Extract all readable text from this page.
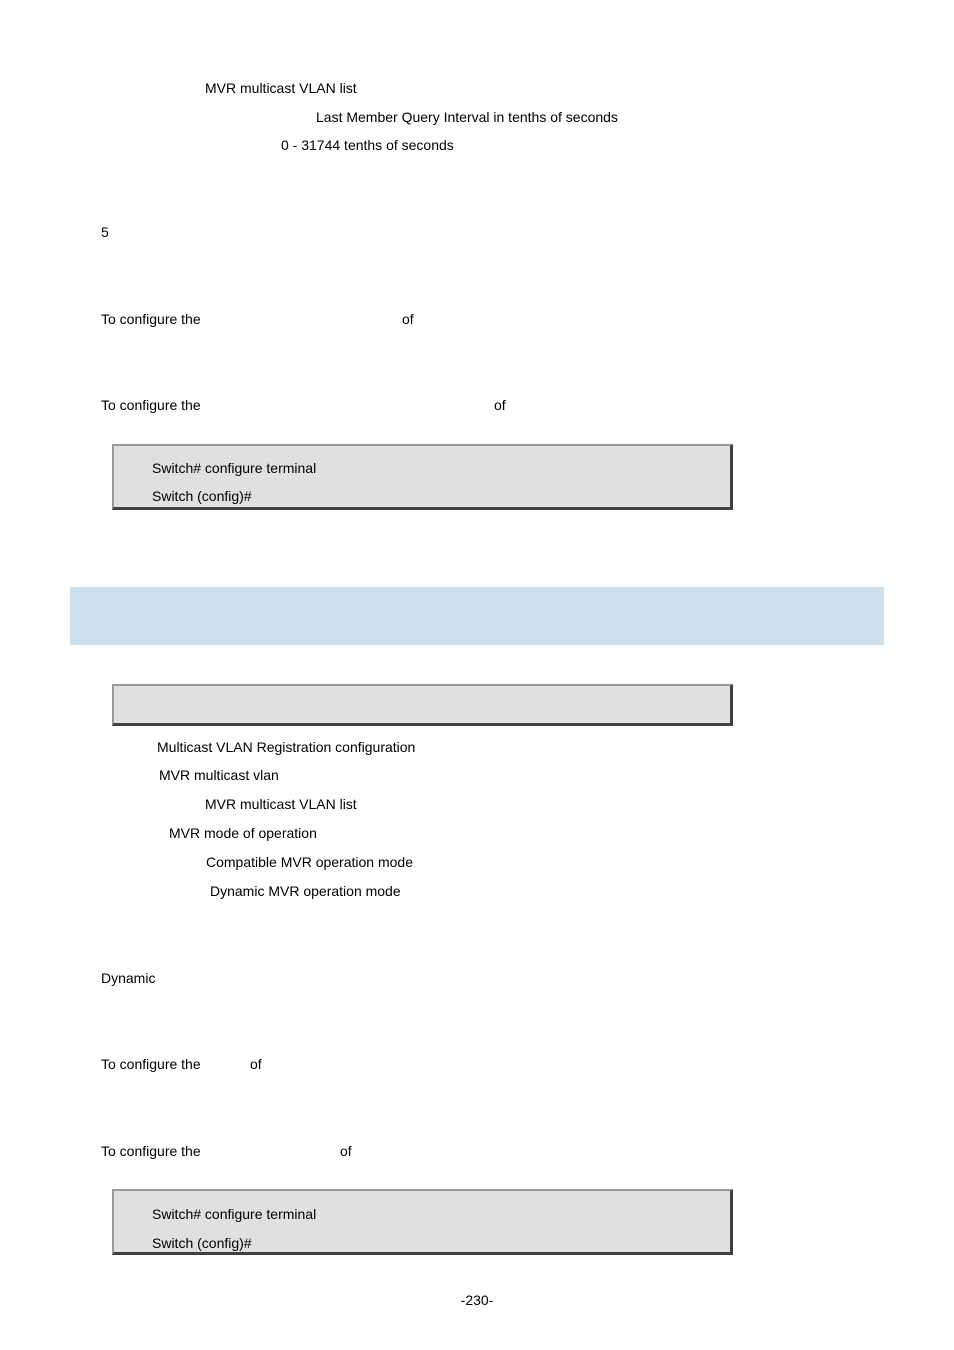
MVR multicast VLAN list
Last Member Query Interval in tenths of seconds
0 - 31744 tenths of seconds
5
To configure the	of
To configure the	of
Switch# configure terminal
Switch (config)#
Multicast VLAN Registration configuration
MVR multicast vlan
MVR multicast VLAN list
MVR mode of operation
Compatible MVR operation mode
Dynamic MVR operation mode
Dynamic
To configure the	of
To configure the	of
Switch# configure terminal
Switch (config)#
-230-
